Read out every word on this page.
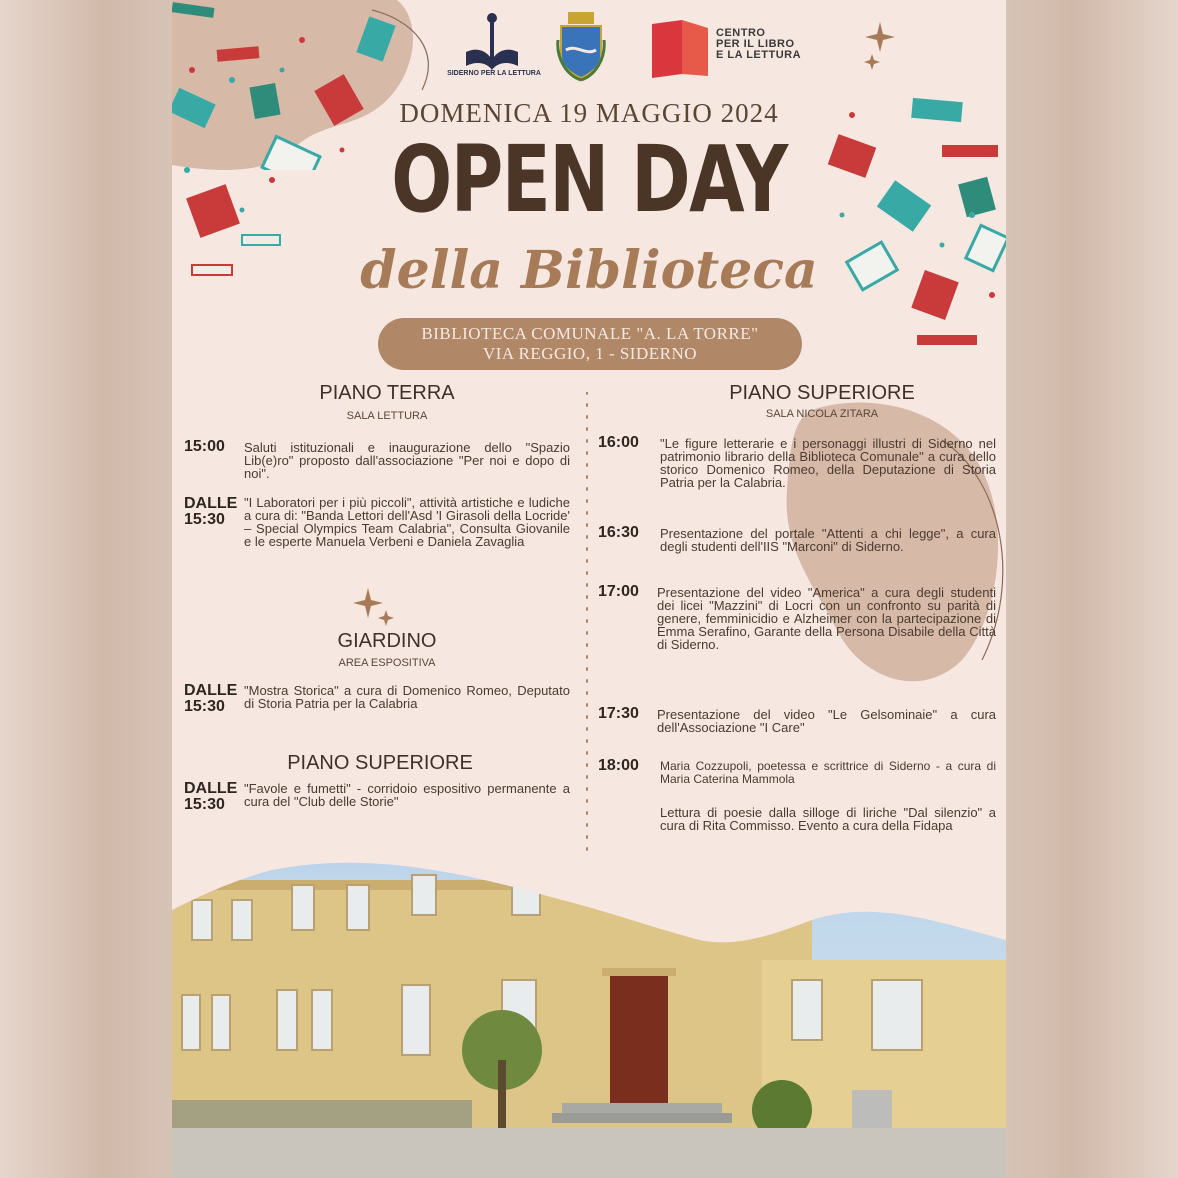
SIDERNO PER LA LETTURA
CENTRO
PER IL LIBRO
E LA LETTURA
DOMENICA 19 MAGGIO 2024
OPEN DAY
della Biblioteca
BIBLIOTECA COMUNALE "A. LA TORRE"
VIA REGGIO, 1 - SIDERNO
PIANO TERRA
SALA LETTURA
15:00 Saluti istituzionali e inaugurazione dello "Spazio Lib(e)ro" proposto dall'associazione "Per noi e dopo di noi".
DALLE
15:30
"I Laboratori per i più piccoli", attività artistiche e ludiche a cura di: "Banda Lettori dell'Asd 'I Girasoli della Locride' – Special Olympics Team Calabria", Consulta Giovanile e le esperte Manuela Verbeni e Daniela Zavaglia
GIARDINO
AREA ESPOSITIVA
DALLE
15:30
"Mostra Storica" a cura di Domenico Romeo, Deputato di Storia Patria per la Calabria
PIANO SUPERIORE
DALLE
15:30
"Favole e fumetti" - corridoio espositivo permanente a cura del "Club delle Storie"
PIANO SUPERIORE
SALA NICOLA ZITARA
16:00 "Le figure letterarie e i personaggi illustri di Siderno nel patrimonio librario della Biblioteca Comunale" a cura dello storico Domenico Romeo, della Deputazione di Storia Patria per la Calabria.
16:30 Presentazione del portale "Attenti a chi legge", a cura degli studenti dell'IIS "Marconi" di Siderno.
17:00 Presentazione del video "America" a cura degli studenti dei licei "Mazzini" di Locri con un confronto su parità di genere, femminicidio e Alzheimer con la partecipazione di Emma Serafino, Garante della Persona Disabile della Città di Siderno.
17:30 Presentazione del video "Le Gelsominaie" a cura dell'Associazione "I Care"
18:00 Maria Cozzupoli, poetessa e scrittrice di Siderno - a cura di Maria Caterina Mammola
Lettura di poesie dalla silloge di liriche "Dal silenzio" a cura di Rita Commisso. Evento a cura della Fidapa
